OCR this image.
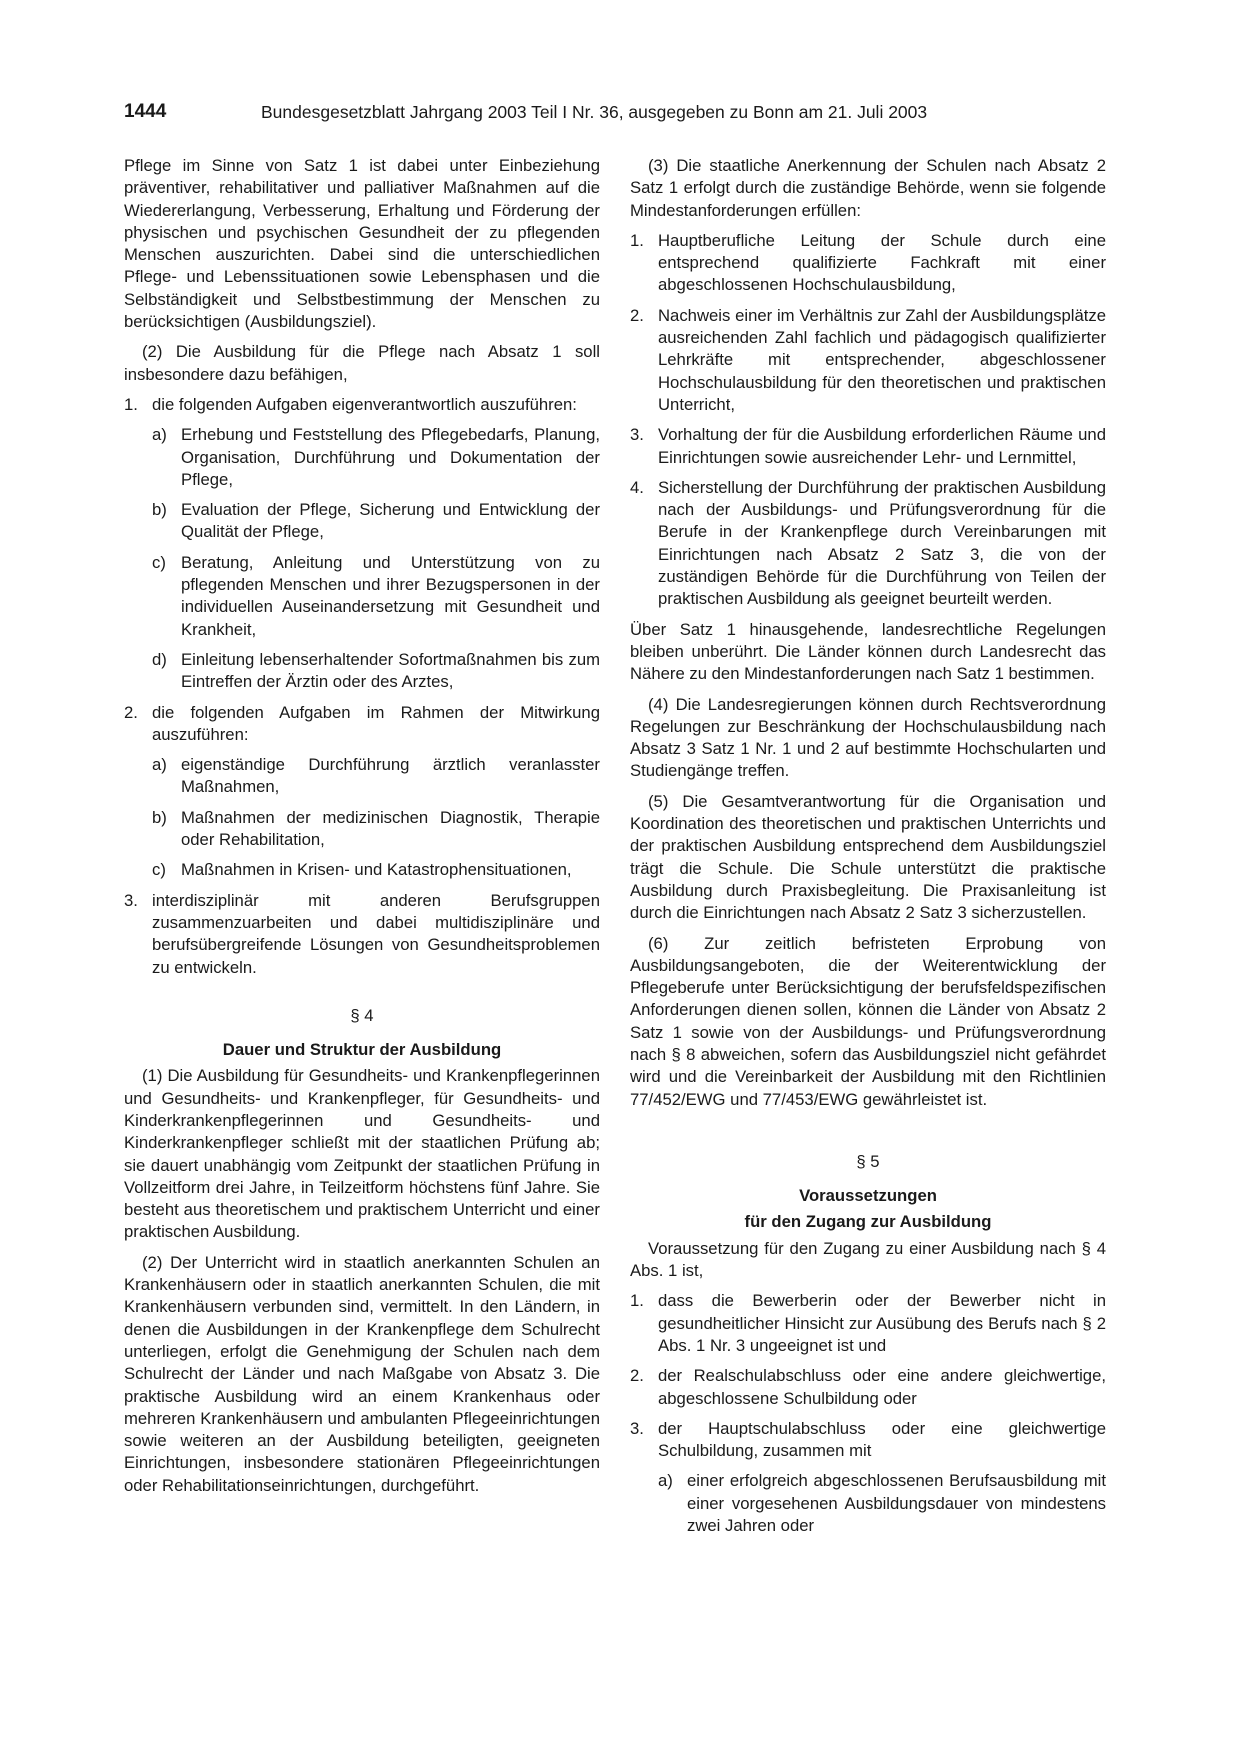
1444	Bundesgesetzblatt Jahrgang 2003 Teil I Nr. 36, ausgegeben zu Bonn am 21. Juli 2003

Pflege im Sinne von Satz 1 ist dabei unter Einbeziehung präventiver, rehabilitativer und palliativer Maßnahmen auf die Wiedererlangung, Verbesserung, Erhaltung und Förderung der physischen und psychischen Gesundheit der zu pflegenden Menschen auszurichten. Dabei sind die unterschiedlichen Pflege- und Lebenssituationen sowie Lebensphasen und die Selbständigkeit und Selbstbestimmung der Menschen zu berücksichtigen (Ausbildungsziel).

(2) Die Ausbildung für die Pflege nach Absatz 1 soll insbesondere dazu befähigen,

1. die folgenden Aufgaben eigenverantwortlich auszuführen:
a) Erhebung und Feststellung des Pflegebedarfs, Planung, Organisation, Durchführung und Dokumentation der Pflege,
b) Evaluation der Pflege, Sicherung und Entwicklung der Qualität der Pflege,
c) Beratung, Anleitung und Unterstützung von zu pflegenden Menschen und ihrer Bezugspersonen in der individuellen Auseinandersetzung mit Gesundheit und Krankheit,
d) Einleitung lebenserhaltender Sofortmaßnahmen bis zum Eintreffen der Ärztin oder des Arztes,
2. die folgenden Aufgaben im Rahmen der Mitwirkung auszuführen:
a) eigenständige Durchführung ärztlich veranlasster Maßnahmen,
b) Maßnahmen der medizinischen Diagnostik, Therapie oder Rehabilitation,
c) Maßnahmen in Krisen- und Katastrophensituationen,
3. interdisziplinär mit anderen Berufsgruppen zusammenzuarbeiten und dabei multidisziplinäre und berufsübergreifende Lösungen von Gesundheitsproblemen zu entwickeln.
§ 4
Dauer und Struktur der Ausbildung

(1) Die Ausbildung für Gesundheits- und Krankenpflegerinnen und Gesundheits- und Krankenpfleger, für Gesundheits- und Kinderkrankenpflegerinnen und Gesundheits- und Kinderkrankenpfleger schließt mit der staatlichen Prüfung ab; sie dauert unabhängig vom Zeitpunkt der staatlichen Prüfung in Vollzeitform drei Jahre, in Teilzeitform höchstens fünf Jahre. Sie besteht aus theoretischem und praktischem Unterricht und einer praktischen Ausbildung.

(2) Der Unterricht wird in staatlich anerkannten Schulen an Krankenhäusern oder in staatlich anerkannten Schulen, die mit Krankenhäusern verbunden sind, vermittelt. In den Ländern, in denen die Ausbildungen in der Krankenpflege dem Schulrecht unterliegen, erfolgt die Genehmigung der Schulen nach dem Schulrecht der Länder und nach Maßgabe von Absatz 3. Die praktische Ausbildung wird an einem Krankenhaus oder mehreren Krankenhäusern und ambulanten Pflegeeinrichtungen sowie weiteren an der Ausbildung beteiligten, geeigneten Einrichtungen, insbesondere stationären Pflegeeinrichtungen oder Rehabilitationseinrichtungen, durchgeführt.

(3) Die staatliche Anerkennung der Schulen nach Absatz 2 Satz 1 erfolgt durch die zuständige Behörde, wenn sie folgende Mindestanforderungen erfüllen:

1. Hauptberufliche Leitung der Schule durch eine entsprechend qualifizierte Fachkraft mit einer abgeschlossenen Hochschulausbildung,
2. Nachweis einer im Verhältnis zur Zahl der Ausbildungsplätze ausreichenden Zahl fachlich und pädagogisch qualifizierter Lehrkräfte mit entsprechender, abgeschlossener Hochschulausbildung für den theoretischen und praktischen Unterricht,
3. Vorhaltung der für die Ausbildung erforderlichen Räume und Einrichtungen sowie ausreichender Lehr- und Lernmittel,
4. Sicherstellung der Durchführung der praktischen Ausbildung nach der Ausbildungs- und Prüfungsverordnung für die Berufe in der Krankenpflege durch Vereinbarungen mit Einrichtungen nach Absatz 2 Satz 3, die von der zuständigen Behörde für die Durchführung von Teilen der praktischen Ausbildung als geeignet beurteilt werden.

Über Satz 1 hinausgehende, landesrechtliche Regelungen bleiben unberührt. Die Länder können durch Landesrecht das Nähere zu den Mindestanforderungen nach Satz 1 bestimmen.

(4) Die Landesregierungen können durch Rechtsverordnung Regelungen zur Beschränkung der Hochschulausbildung nach Absatz 3 Satz 1 Nr. 1 und 2 auf bestimmte Hochschularten und Studiengänge treffen.

(5) Die Gesamtverantwortung für die Organisation und Koordination des theoretischen und praktischen Unterrichts und der praktischen Ausbildung entsprechend dem Ausbildungsziel trägt die Schule. Die Schule unterstützt die praktische Ausbildung durch Praxisbegleitung. Die Praxisanleitung ist durch die Einrichtungen nach Absatz 2 Satz 3 sicherzustellen.

(6) Zur zeitlich befristeten Erprobung von Ausbildungsangeboten, die der Weiterentwicklung der Pflegeberufe unter Berücksichtigung der berufsfeldspezifischen Anforderungen dienen sollen, können die Länder von Absatz 2 Satz 1 sowie von der Ausbildungs- und Prüfungsverordnung nach § 8 abweichen, sofern das Ausbildungsziel nicht gefährdet wird und die Vereinbarkeit der Ausbildung mit den Richtlinien 77/452/EWG und 77/453/EWG gewährleistet ist.

§ 5
Voraussetzungen
für den Zugang zur Ausbildung

Voraussetzung für den Zugang zu einer Ausbildung nach § 4 Abs. 1 ist,

1. dass die Bewerberin oder der Bewerber nicht in gesundheitlicher Hinsicht zur Ausübung des Berufs nach § 2 Abs. 1 Nr. 3 ungeeignet ist und
2. der Realschulabschluss oder eine andere gleichwertige, abgeschlossene Schulbildung oder
3. der Hauptschulabschluss oder eine gleichwertige Schulbildung, zusammen mit
a) einer erfolgreich abgeschlossenen Berufsausbildung mit einer vorgesehenen Ausbildungsdauer von mindestens zwei Jahren oder
